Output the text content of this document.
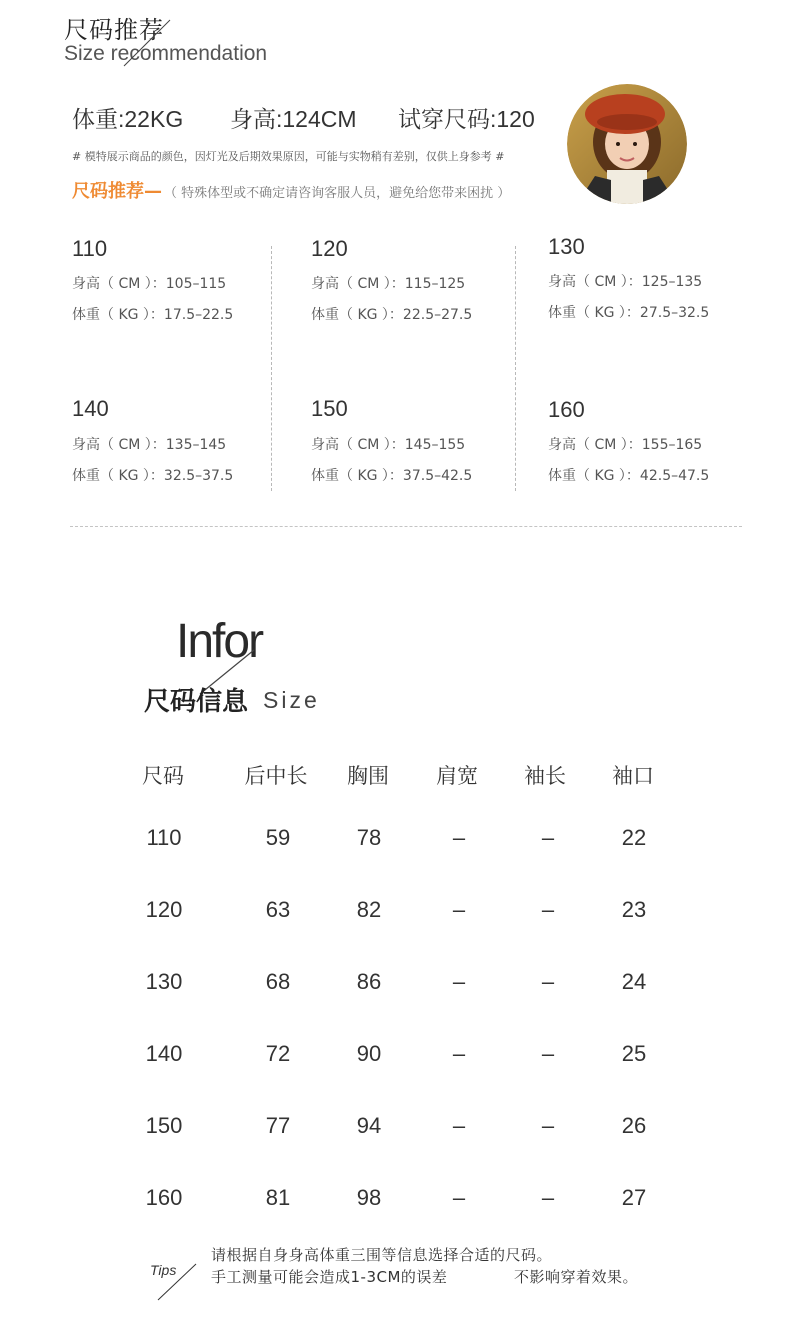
尺码推荐
Size recommendation
体重:22KG 身高:124CM 试穿尺码:120
# 模特展示商品的颜色，因灯光及后期效果原因，可能与实物稍有差别，仅供上身参考 #
尺码推荐— （ 特殊体型或不确定请咨询客服人员，避免给您带来困扰 ）
110
身高（ CM ）：105–115
体重（ KG ）：17.5–22.5
120
身高（ CM ）：115–125
体重（ KG ）：22.5–27.5
130
身高（ CM ）：125–135
体重（ KG ）：27.5–32.5
140
身高（ CM ）：135–145
体重（ KG ）：32.5–37.5
150
身高（ CM ）：145–155
体重（ KG ）：37.5–42.5
160
身高（ CM ）：155–165
体重（ KG ）：42.5–47.5
Infor
尺码信息 Size
尺码	后中长	胸围	肩宽	袖长	袖口
110	59	78	–	–	22
120	63	82	–	–	23
130	68	86	–	–	24
140	72	90	–	–	25
150	77	94	–	–	26
160	81	98	–	–	27
Tips
请根据自身身高体重三围等信息选择合适的尺码。
手工测量可能会造成1-3CM的误差	不影响穿着效果。
